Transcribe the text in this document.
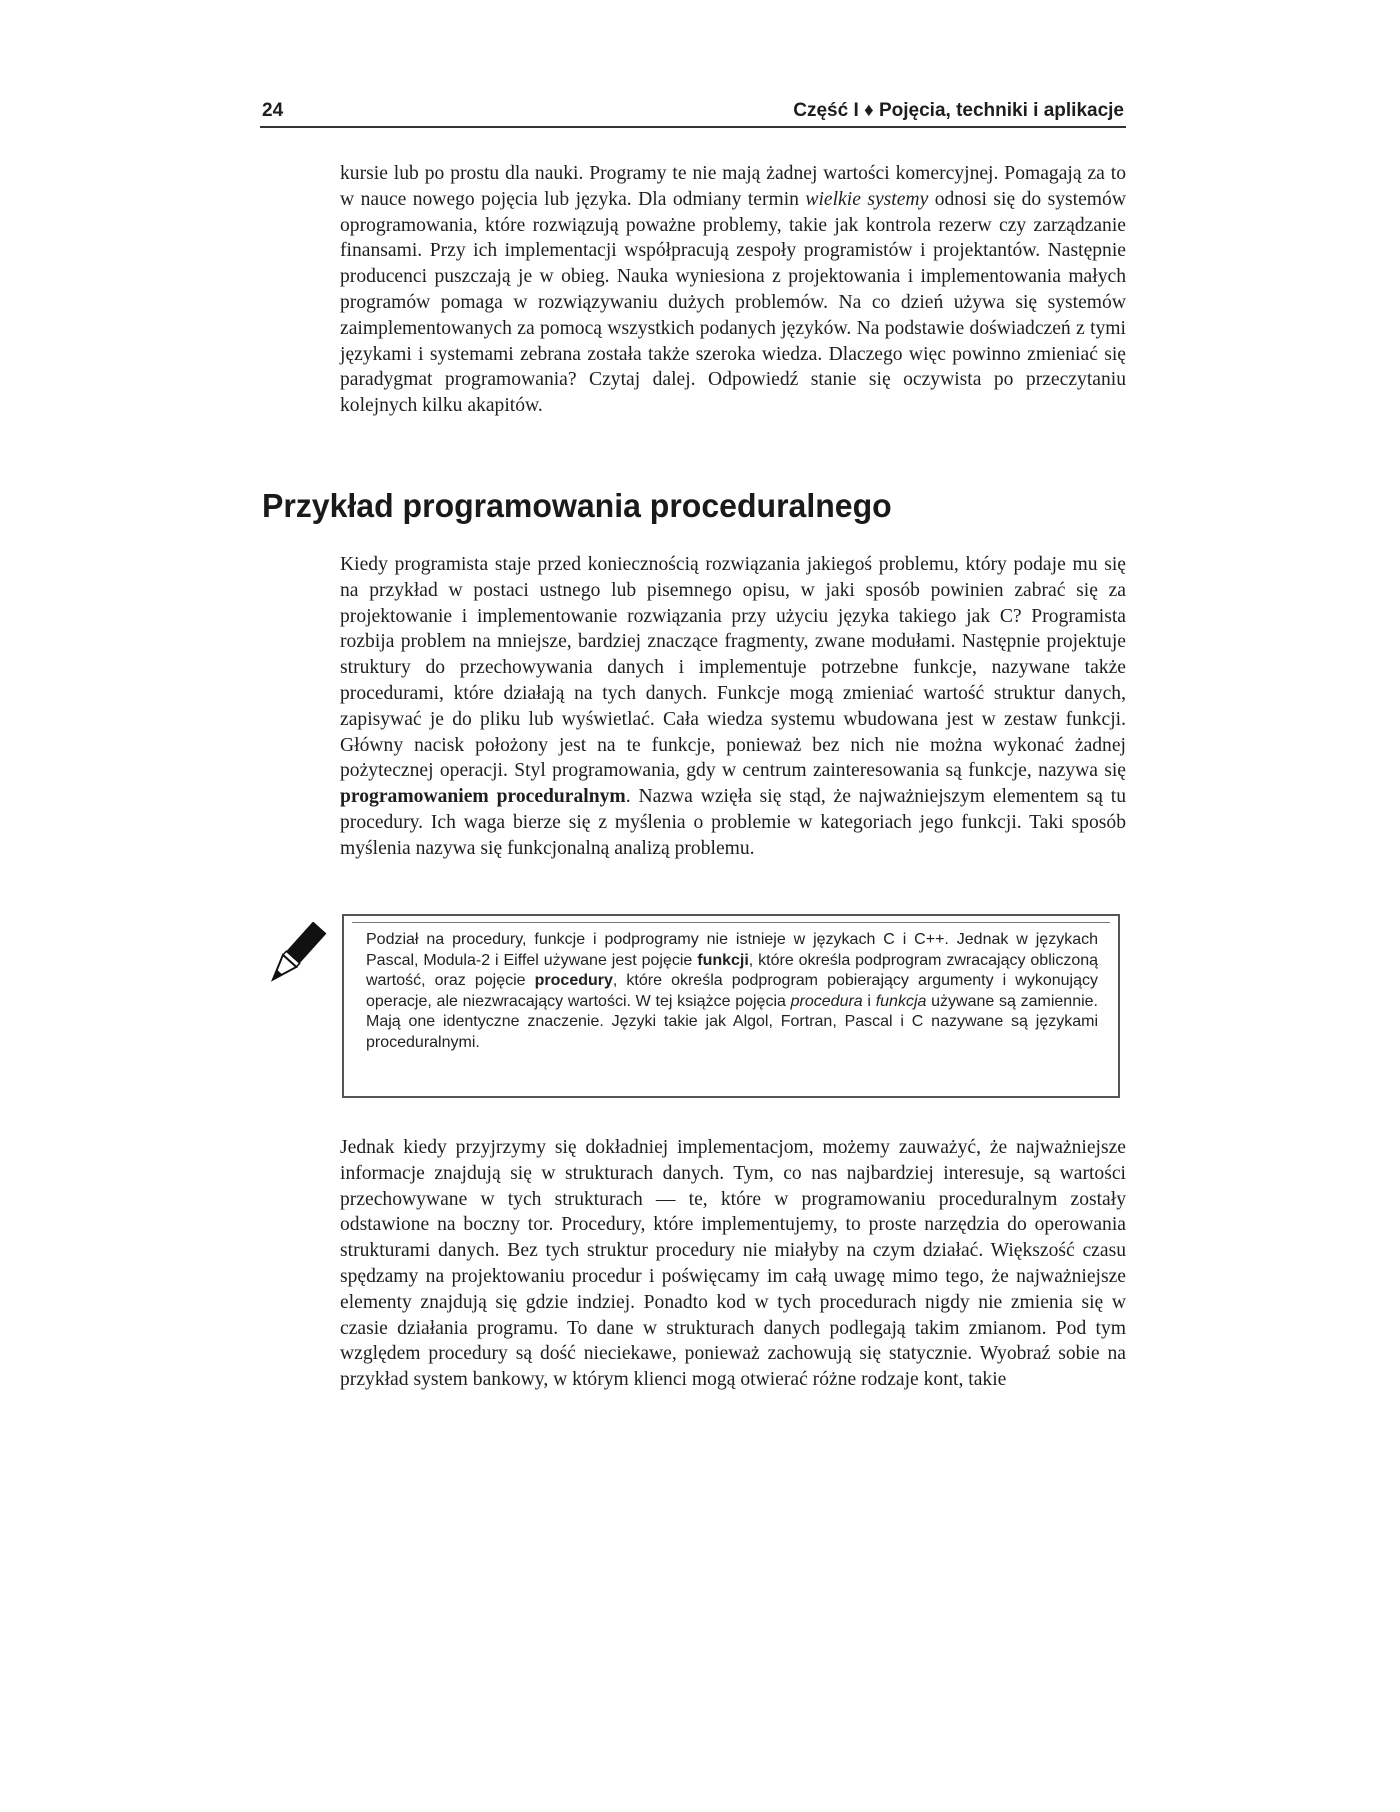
24	Część I ♦ Pojęcia, techniki i aplikacje

kursie lub po prostu dla nauki. Programy te nie mają żadnej wartości komercyjnej. Pomagają za to w nauce nowego pojęcia lub języka. Dla odmiany termin wielkie systemy odnosi się do systemów oprogramowania, które rozwiązują poważne problemy, takie jak kontrola rezerw czy zarządzanie finansami. Przy ich implementacji współpracują zespoły programistów i projektantów. Następnie producenci puszczają je w obieg. Nauka wyniesiona z projektowania i implementowania małych programów pomaga w rozwiązywaniu dużych problemów. Na co dzień używa się systemów zaimplementowanych za pomocą wszystkich podanych języków. Na podstawie doświadczeń z tymi językami i systemami zebrana została także szeroka wiedza. Dlaczego więc powinno zmieniać się paradygmat programowania? Czytaj dalej. Odpowiedź stanie się oczywista po przeczytaniu kolejnych kilku akapitów.

Przykład programowania proceduralnego

Kiedy programista staje przed koniecznością rozwiązania jakiegoś problemu, który podaje mu się na przykład w postaci ustnego lub pisemnego opisu, w jaki sposób powinien zabrać się za projektowanie i implementowanie rozwiązania przy użyciu języka takiego jak C? Programista rozbija problem na mniejsze, bardziej znaczące fragmenty, zwane modułami. Następnie projektuje struktury do przechowywania danych i implementuje potrzebne funkcje, nazywane także procedurami, które działają na tych danych. Funkcje mogą zmieniać wartość struktur danych, zapisywać je do pliku lub wyświetlać. Cała wiedza systemu wbudowana jest w zestaw funkcji. Główny nacisk położony jest na te funkcje, ponieważ bez nich nie można wykonać żadnej pożytecznej operacji. Styl programowania, gdy w centrum zainteresowania są funkcje, nazywa się programowaniem proceduralnym. Nazwa wzięła się stąd, że najważniejszym elementem są tu procedury. Ich waga bierze się z myślenia o problemie w kategoriach jego funkcji. Taki sposób myślenia nazywa się funkcjonalną analizą problemu.

Podział na procedury, funkcje i podprogramy nie istnieje w językach C i C++. Jednak w językach Pascal, Modula-2 i Eiffel używane jest pojęcie funkcji, które określa podprogram zwracający obliczoną wartość, oraz pojęcie procedury, które określa podprogram pobierający argumenty i wykonujący operacje, ale niezwracający wartości. W tej książce pojęcia procedura i funkcja używane są zamiennie. Mają one identyczne znaczenie. Języki takie jak Algol, Fortran, Pascal i C nazywane są językami proceduralnymi.

Jednak kiedy przyjrzymy się dokładniej implementacjom, możemy zauważyć, że najważniejsze informacje znajdują się w strukturach danych. Tym, co nas najbardziej interesuje, są wartości przechowywane w tych strukturach — te, które w programowaniu proceduralnym zostały odstawione na boczny tor. Procedury, które implementujemy, to proste narzędzia do operowania strukturami danych. Bez tych struktur procedury nie miałyby na czym działać. Większość czasu spędzamy na projektowaniu procedur i poświęcamy im całą uwagę mimo tego, że najważniejsze elementy znajdują się gdzie indziej. Ponadto kod w tych procedurach nigdy nie zmienia się w czasie działania programu. To dane w strukturach danych podlegają takim zmianom. Pod tym względem procedury są dość nieciekawe, ponieważ zachowują się statycznie. Wyobraź sobie na przykład system bankowy, w którym klienci mogą otwierać różne rodzaje kont, takie
